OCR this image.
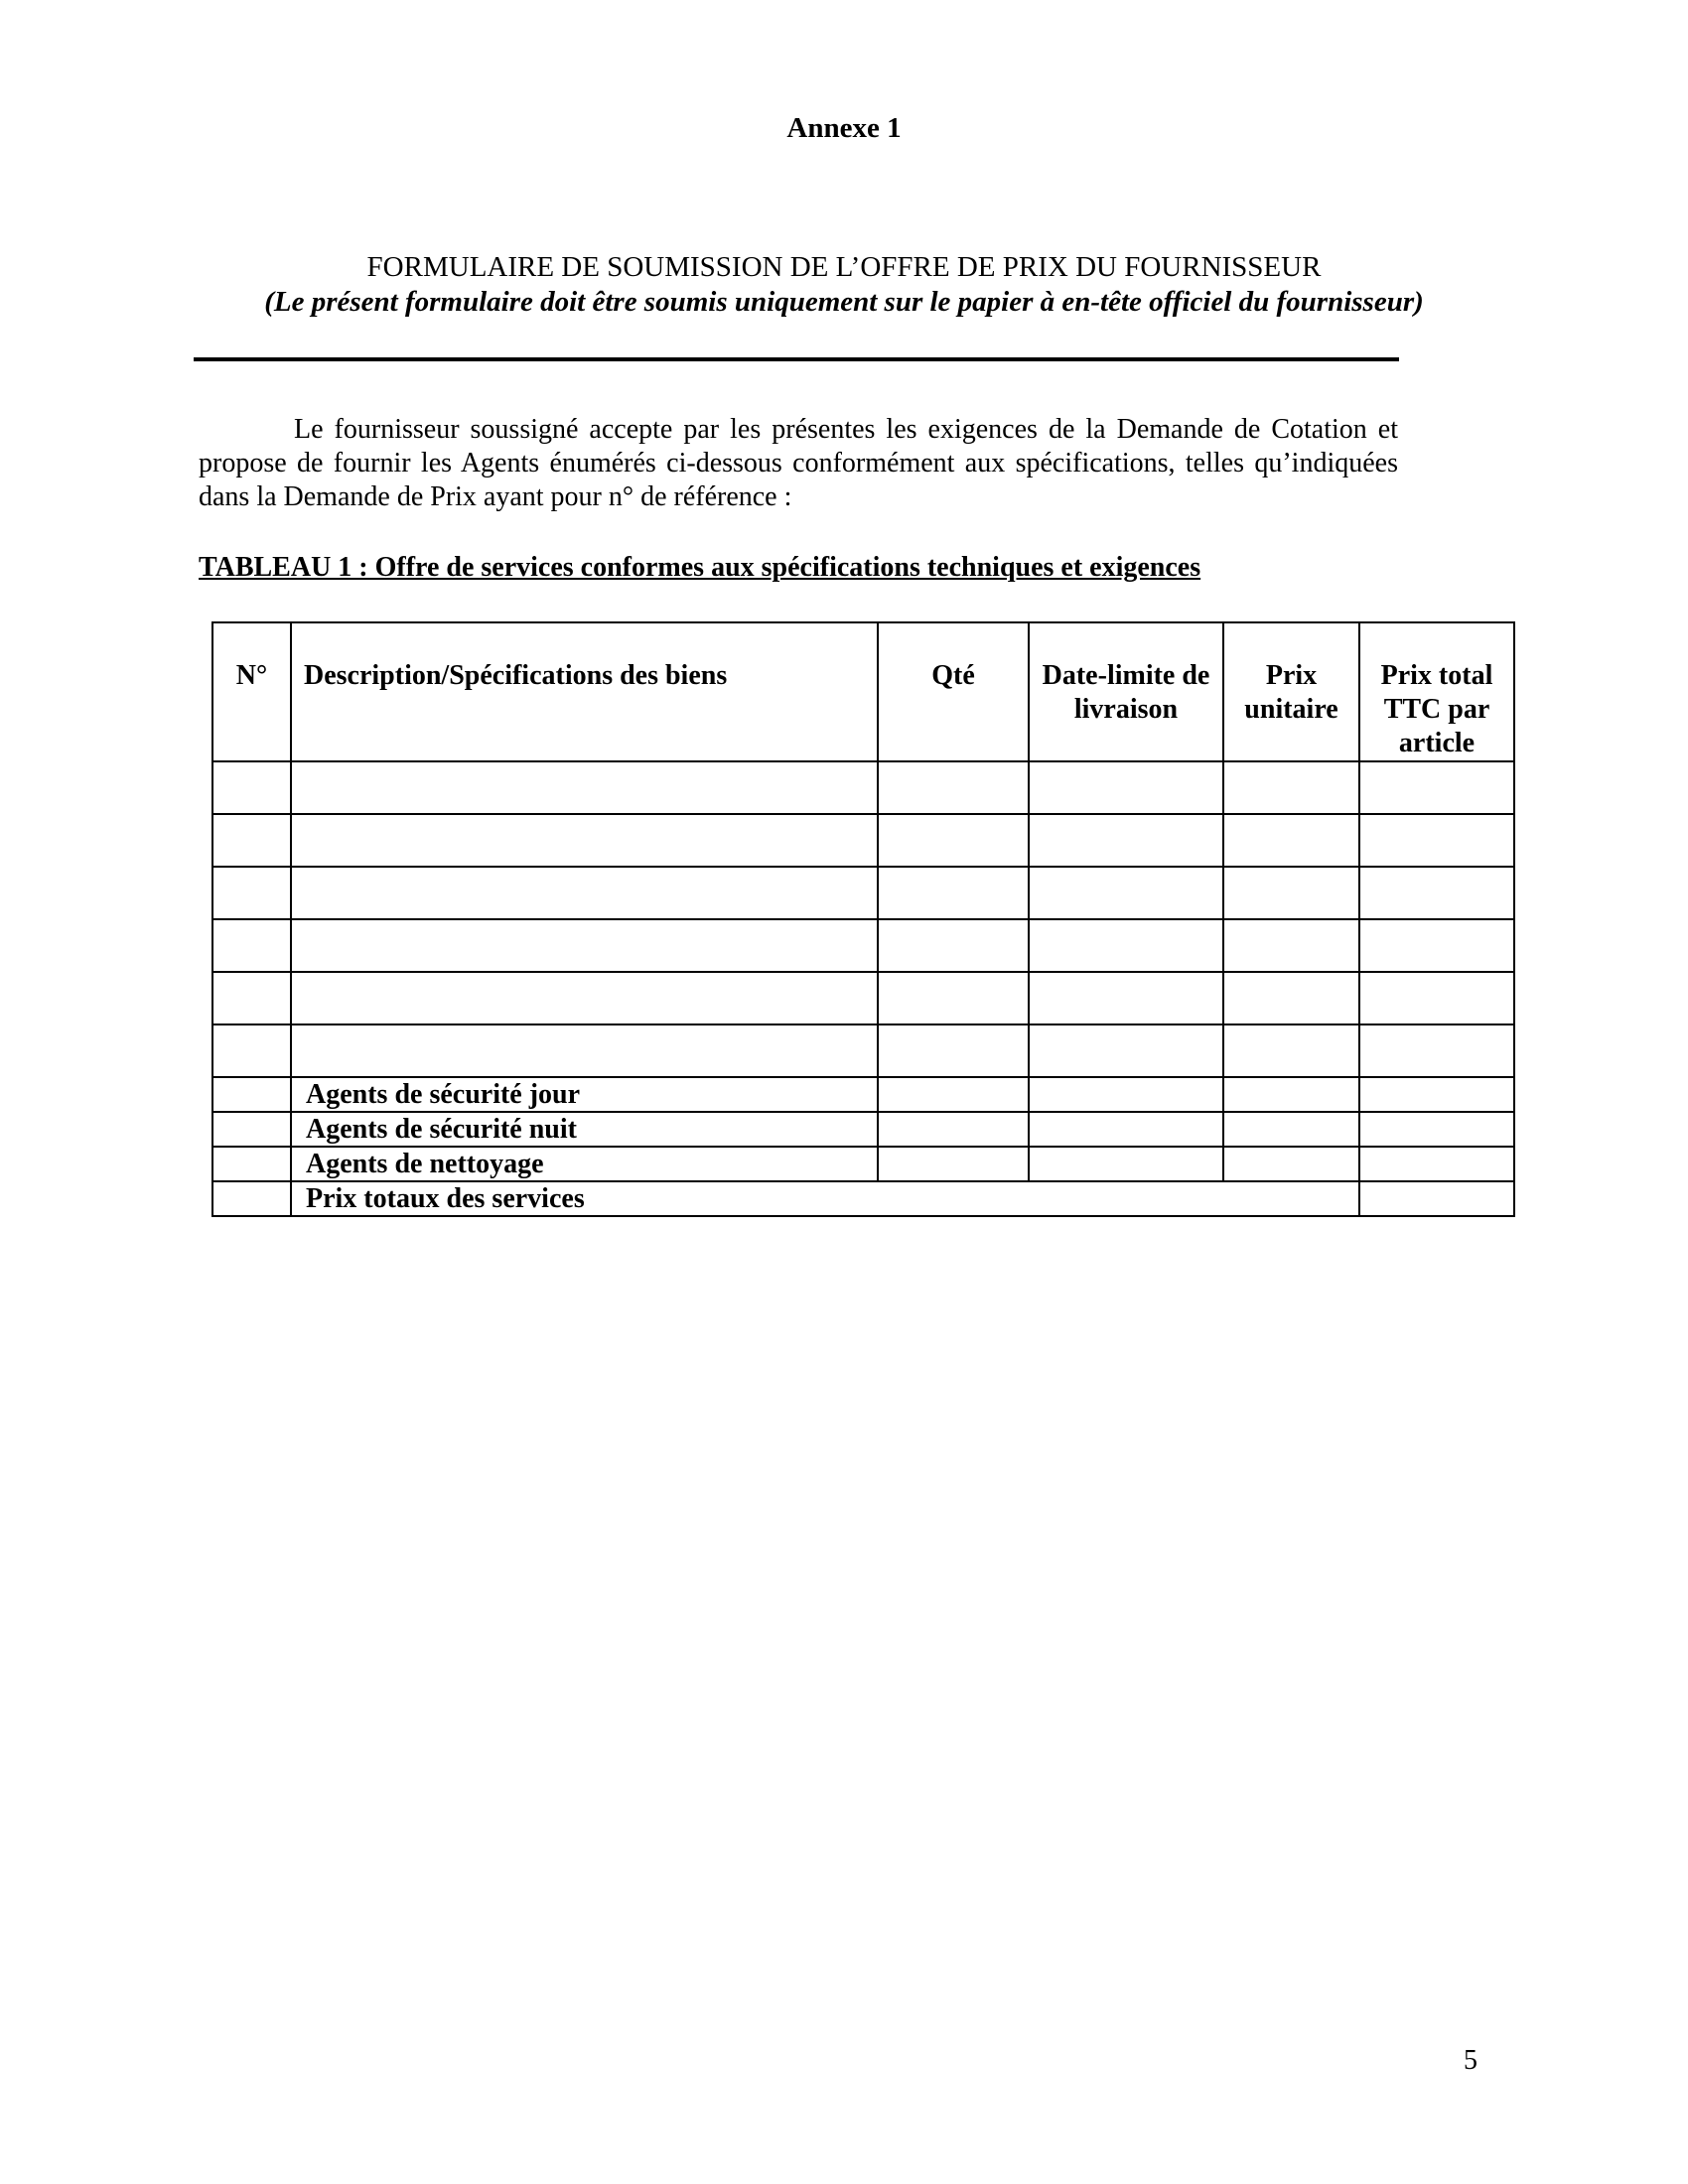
Annexe 1
FORMULAIRE DE SOUMISSION DE L’OFFRE DE PRIX DU FOURNISSEUR
(Le présent formulaire doit être soumis uniquement sur le papier à en-tête officiel du fournisseur)

Le fournisseur soussigné accepte par les présentes les exigences de la Demande de Cotation et propose de fournir les Agents énumérés ci-dessous conformément aux spécifications, telles qu’indiquées dans la Demande de Prix ayant pour n° de référence :

TABLEAU 1 : Offre de services conformes aux spécifications techniques et exigences

N°	Description/Spécifications des biens	Qté	Date-limite de livraison	Prix unitaire	Prix total TTC par article

	Agents de sécurité jour				
	Agents de sécurité nuit				
	Agents de nettoyage				
	Prix totaux des services				
5
